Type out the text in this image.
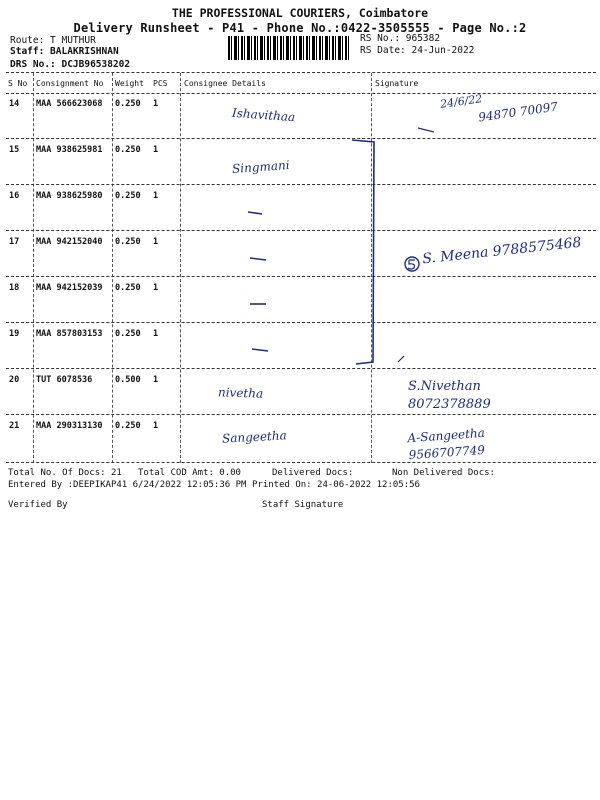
THE PROFESSIONAL COURIERS, Coimbatore
Delivery Runsheet - P41 - Phone No.:0422-3505555 - Page No.:2
Route: T MUTHUR
Staff: BALAKRISHNAN
DRS No.: DCJB96538202
RS No.: 965382
RS Date: 24-Jun-2022
S No Consignment No Weight PCS Consignee Details	Signature
14 MAA 566623068 0.250 1
Ishavithaa
24/6/22
94870 70097
15 MAA 938625981 0.250 1
Singmani
16 MAA 938625980 0.250 1
17 MAA 942152040 0.250 1	S. Meena 9788575468
18 MAA 942152039 0.250 1
19 MAA 857803153 0.250 1
20 TUT 6078536	0.500 1
nivetha	S.Nivethan 8072378889
21 MAA 290313130 0.250 1
Sangeetha	A-Sangeetha 9566707749
Total No. Of Docs: 21 Total COD Amt: 0.00	Delivered Docs:	Non Delivered Docs:
Entered By :DEEPIKAP41 6/24/2022 12:05:36 PM Printed On: 24-06-2022 12:05:56
Verified By	Staff Signature
